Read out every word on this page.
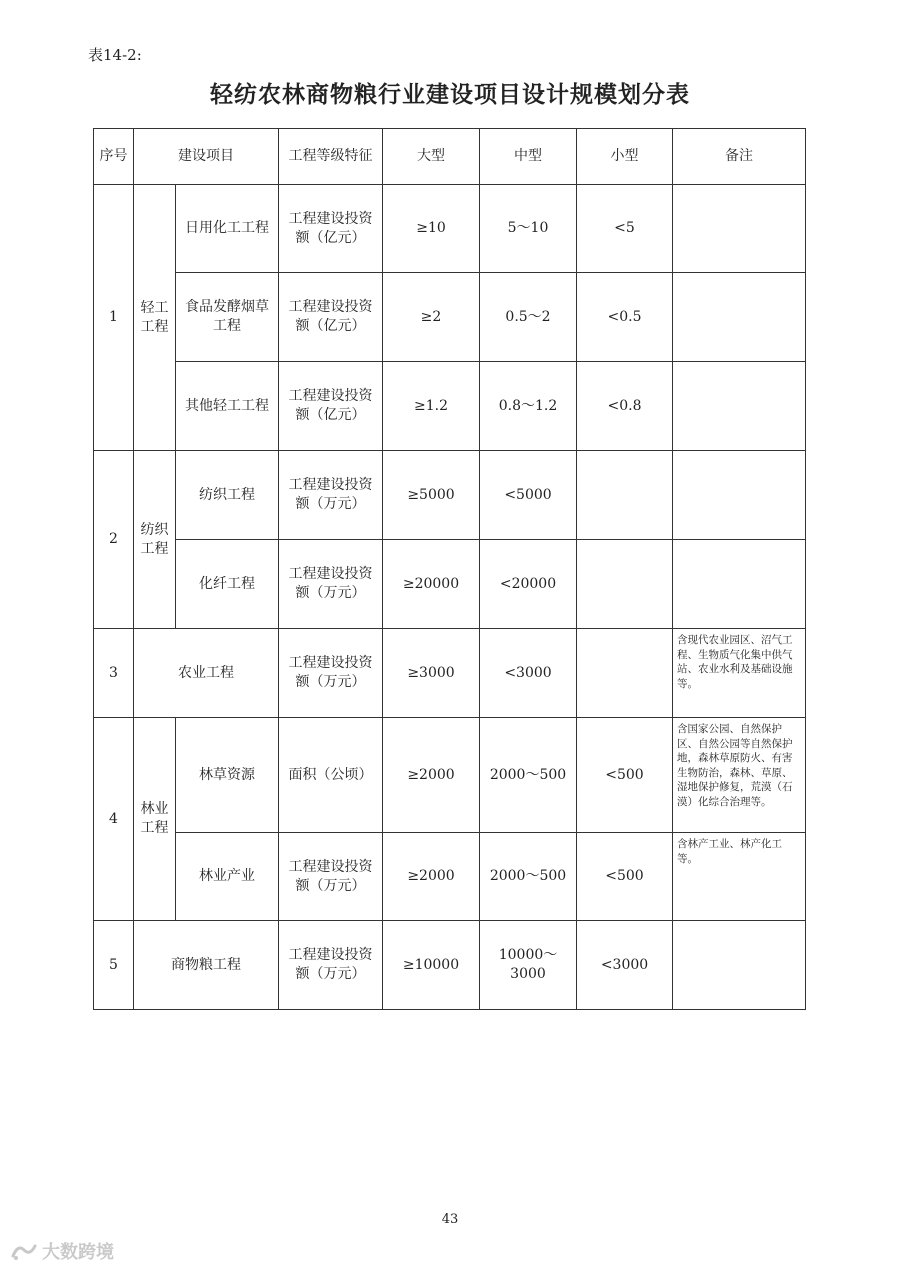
表14-2:
轻纺农林商物粮行业建设项目设计规模划分表
序号	建设项目		工程等级特征	大型	中型	小型	备注
1	轻工工程	日用化工工程	工程建设投资额（亿元）	≥10	5～10	<5	
		食品发酵烟草工程	工程建设投资额（亿元）	≥2	0.5～2	<0.5	
		其他轻工工程	工程建设投资额（亿元）	≥1.2	0.8～1.2	<0.8	
2	纺织工程	纺织工程	工程建设投资额（万元）	≥5000	<5000		
		化纤工程	工程建设投资额（万元）	≥20000	<20000		
3	农业工程		工程建设投资额（万元）	≥3000	<3000		含现代农业园区、沼气工程、生物质气化集中供气站、农业水利及基础设施等。
4	林业工程	林草资源	面积（公顷）	≥2000	2000～500	<500	含国家公园、自然保护区、自然公园等自然保护地，森林草原防火、有害生物防治，森林、草原、湿地保护修复，荒漠（石漠）化综合治理等。
		林业产业	工程建设投资额（万元）	≥2000	2000～500	<500	含林产工业、林产化工等。
5	商物粮工程		工程建设投资额（万元）	≥10000	10000～3000	<3000	
43
大数跨境
